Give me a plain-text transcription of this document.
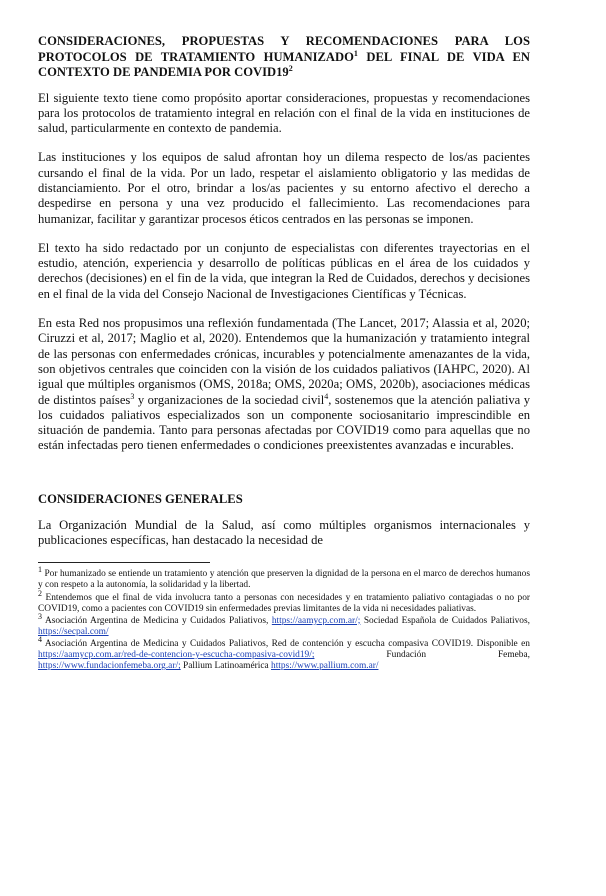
CONSIDERACIONES, PROPUESTAS Y RECOMENDACIONES PARA LOS PROTOCOLOS DE TRATAMIENTO HUMANIZADO$^1$ DEL FINAL DE VIDA EN CONTEXTO DE PANDEMIA POR $COVID19^2$
El siguiente texto tiene como propósito aportar consideraciones, propuestas y recomendaciones para los protocolos de tratamiento integral en relación con el final de la vida en instituciones de salud, particularmente en contexto de pandemia.
Las instituciones y los equipos de salud afrontan hoy un dilema respecto de los/as pacientes cursando el final de la vida. Por un lado, respetar el aislamiento obligatorio y las medidas de distanciamiento. Por el otro, brindar a los/as pacientes y su entorno afectivo el derecho a despedirse en persona y una vez producido el fallecimiento. Las recomendaciones para humanizar, facilitar y garantizar procesos éticos centrados en las personas se imponen.
El texto ha sido redactado por un conjunto de especialistas con diferentes trayectorias en el estudio, atención, experiencia y desarrollo de políticas públicas en el área de los cuidados y derechos (decisiones) en el fin de la vida, que integran la Red de Cuidados, derechos y decisiones en el final de la vida del Consejo Nacional de Investigaciones Científicas y Técnicas.
En esta Red nos propusimos una reflexión fundamentada (The Lancet, 2017; Alassia et al, 2020; Ciruzzi et al, 2017; Maglio et al, 2020). Entendemos que la humanización y tratamiento integral de las personas con enfermedades crónicas, incurables y potencialmente amenazantes de la vida, son objetivos centrales que coinciden con la visión de los cuidados paliativos (IAHPC, 2020). Al igual que múltiples organismos (OMS, 2018a; OMS, 2020a; OMS, 2020b), asociaciones médicas de distintos países$^3$ y organizaciones de la sociedad civil$^4$, sostenemos que la atención paliativa y los cuidados paliativos especializados son un componente sociosanitario imprescindible en situación de pandemia. Tanto para personas afectadas por COVID19 como para aquellas que no están infectadas pero tienen enfermedades o condiciones preexistentes avanzadas e incurables.
CONSIDERACIONES GENERALES
La Organización Mundial de la Salud, así como múltiples organismos internacionales y publicaciones específicas, han destacado la necesidad de
$^1$ Por humanizado se entiende un tratamiento y atención que preserven la dignidad de la persona en el marco de derechos humanos y con respeto a la autonomía, la solidaridad y la libertad.
$^2$ Entendemos que el final de vida involucra tanto a personas con necesidades y en tratamiento paliativo contagiadas o no por COVID19, como a pacientes con COVID19 sin enfermedades previas limitantes de la vida ni necesidades paliativas.
$^3$ Asociación Argentina de Medicina y Cuidados Paliativos, https://aamycp.com.ar/; Sociedad Española de Cuidados Paliativos, https://secpal.com/
$^4$ Asociación Argentina de Medicina y Cuidados Paliativos, Red de contención y escucha compasiva COVID19. Disponible en https://aamycp.com.ar/red-de-contencion-y-escucha-compasiva-covid19/; Fundación Femeba, https://www.fundacionfemeba.org.ar/; Pallium Latinoamérica https://www.pallium.com.ar/
